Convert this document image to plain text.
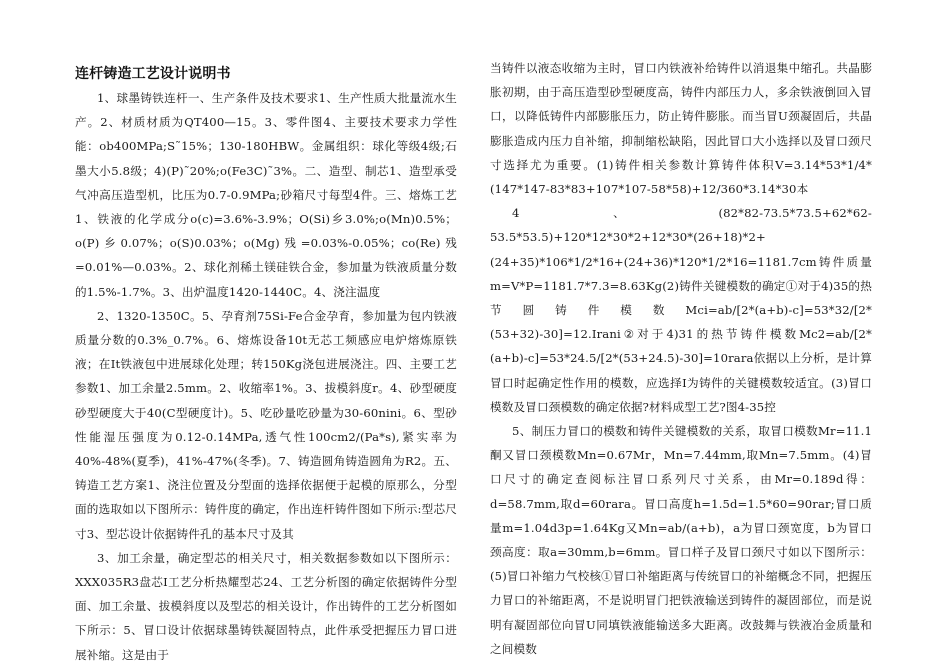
连杆铸造工艺设计说明书

1、球墨铸铁连杆一、生产条件及技术要求1、生产性质大批量流水生产。2、材质材质为QT400—15。3、零件图4、主要技术要求力学性能：ob400MPa;S˜15%；130-180HBW。金属组织：球化等级4级;石墨大小5.8级；4)(P)˜20%;o(Fe3C)˜3%。二、造型、制芯1、造型承受气冲高压造型机，比压为0.7-0.9MPa;砂箱尺寸每型4件。三、熔炼工艺1、铁液的化学成分o(c)=3.6%-3.9%；O(Si)乡3.0%;o(Mn)0.5%；o(P)乡0.07%；o(S)0.03%；o(Mg)残=0.03%-0.05%；co(Re)残=0.01%—0.03%。2、球化剂稀土镁硅铁合金，参加量为铁液质量分数的1.5%-1.7%。3、出炉温度1420-1440C。4、浇注温度

2、1320-1350C。5、孕育剂75Si-Fe合金孕育，参加量为包内铁液质量分数的0.3%_0.7%。6、熔炼设备10t无芯工频感应电炉熔炼原铁液；在It铁液包中进展球化处理；转150Kg浇包进展浇注。四、主要工艺参数1、加工余量2.5mm。2、收缩率1%。3、拔模斜度r。4、砂型硬度砂型硬度大于40(C型硬度计)。5、吃砂量吃砂量为30-60nini。6、型砂性能湿压强度为0.12-0.14MPa,透气性100cm2/(Pa*s),紧实率为40%-48%(夏季)，41%-47%(冬季)。7、铸造圆角铸造圆角为R2。五、铸造工艺方案1、浇注位置及分型面的选择依据便于起模的原那么，分型面的选取如以下图所示：铸件度的确定，作出连杆铸件图如下所示:型芯尺寸3、型芯设计依据铸件孔的基本尺寸及其

3、加工余量，确定型芯的相关尺寸，相关数据参数如以下图所示：XXX035R3盘芯Ⅰ工艺分析热耀型芯24、工艺分析图的确定依据铸件分型面、加工余量、拔模斜度以及型芯的相关设计，作出铸件的工艺分析图如下所示：5、冒口设计依据球墨铸铁凝固特点，此件承受把握压力冒口进展补缩。这是由于

当铸件以液态收缩为主时，冒口内铁液补给铸件以消退集中缩孔。共晶膨胀初期，由于高压造型砂型硬度高，铸件内部压力人，多余铁液倒回入冒口，以降低铸件内部膨胀压力，防止铸件膨胀。而当冒U颈凝固后，共晶膨胀造成内压力自补缩，抑制缩松缺陷，因此冒口大小选择以及冒口颈尺寸选择尤为重要。(1)铸件相关参数计算铸件体积V=3.14*53*1/4*(147*147-83*83+107*107-58*58)+12/360*3.14*30本

4、(82*82-73.5*73.5+62*62-53.5*53.5)+120*12*30*2+12*30*(26+18)*2+(24+35)*106*1/2*16+(24+36)*120*1/2*16=1181.7cm铸件质量m=V*P=1181.7*7.3=8.63Kg(2)铸件关键模数的确定①对于4)35的热节圆铸件模数Mci=ab/[2*(a+b)-c]=53*32/[2*(53+32)-30]=12.Irani②对于4)31的热节铸件模数Mc2=ab/[2*(a+b)-c]=53*24.5/[2*(53+24.5)-30]=10rara依据以上分析，是计算冒口时起确定性作用的模数，应选择Ⅰ为铸件的关键模数较适宜。(3)冒口模数及冒口颈模数的确定依据?材料成型工艺?图4-35控

5、制压力冒口的模数和铸件关键模数的关系，取冒口模数Mr=11.1酮又冒口颈模数Mn=0.67Mr，Mn=7.44mm,取Mn=7.5mm。(4)冒口尺寸的确定查阅标注冒口系列尺寸关系，由Mr=0.189d得：d=58.7mm,取d=60rara。冒口高度h=1.5d=1.5*60=90rar;冒口质量m=1.04d3p=1.64Kg又Mn=ab/(a+b)，a为冒口颈宽度，b为冒口颈高度：取a=30mm,b=6mm。冒口样子及冒口颈尺寸如以下图所示：(5)冒口补缩力气校核①冒口补缩距离与传统冒口的补缩概念不同，把握压力冒口的补缩距离，不是说明冒门把铁液输送到铸件的凝固部位，而是说明有凝固部位向冒U同填铁液能输送多大距离。改鼓舞与铁液冶金质量和之间模数
